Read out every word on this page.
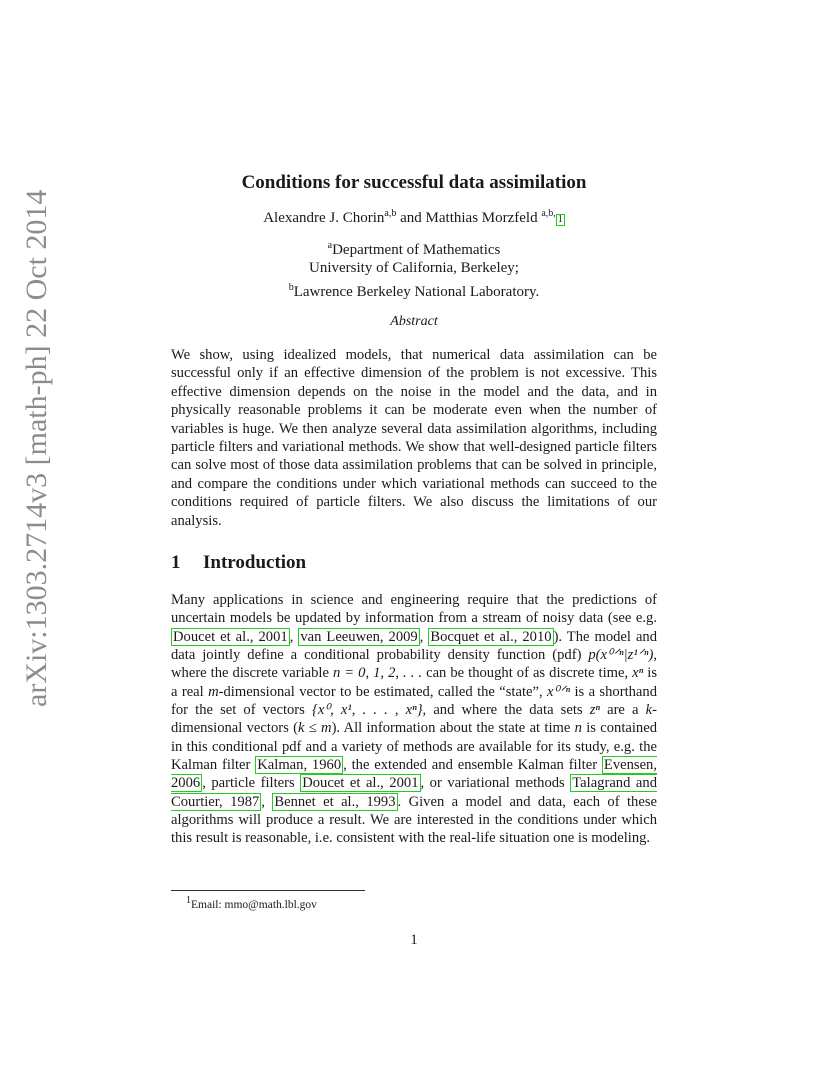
arXiv:1303.2714v3 [math-ph] 22 Oct 2014
Conditions for successful data assimilation
Alexandre J. Chorin$^{a,b}$ and Matthias Morzfeld $^{a,b,}$1
$^a$Department of Mathematics
University of California, Berkeley;
$^b$Lawrence Berkeley National Laboratory.
Abstract

We show, using idealized models, that numerical data assimilation can be successful only if an effective dimension of the problem is not excessive. This effective dimension depends on the noise in the model and the data, and in physically reasonable problems it can be moderate even when the number of variables is huge. We then analyze several data assimilation algorithms, including particle filters and variational methods. We show that well-designed particle filters can solve most of those data assimilation problems that can be solved in principle, and compare the conditions under which variational methods can succeed to the conditions required of particle filters. We also discuss the limitations of our analysis.

1 Introduction

Many applications in science and engineering require that the predictions of uncertain models be updated by information from a stream of noisy data (see e.g. Doucet et al., 2001 , van Leeuwen, 2009 , Bocquet et al., 2010 ). The model and data jointly define a conditional probability density function (pdf) p(x⁰ᐟⁿ|z¹ᐟⁿ), where the discrete variable n = 0, 1, 2, . . . can be thought of as discrete time, xⁿ is a real m-dimensional vector to be estimated, called the “state”, x⁰ᐟⁿ is a shorthand for the set of vectors {x⁰, x¹, . . . , xⁿ}, and where the data sets zⁿ are a k-dimensional vectors (k ≤ m). All information about the state at time n is contained in this conditional pdf and a variety of methods are available for its study, e.g. the Kalman filter Kalman, 1960 , the extended and ensemble Kalman filter Evensen, 2006 , particle filters Doucet et al., 2001 , or variational methods Talagrand and Courtier, 1987 , Bennet et al., 1993 . Given a model and data, each of these algorithms will produce a result. We are interested in the conditions under which this result is reasonable, i.e. consistent with the real-life situation one is modeling.

$^1$Email: mmo@math.lbl.gov
1
